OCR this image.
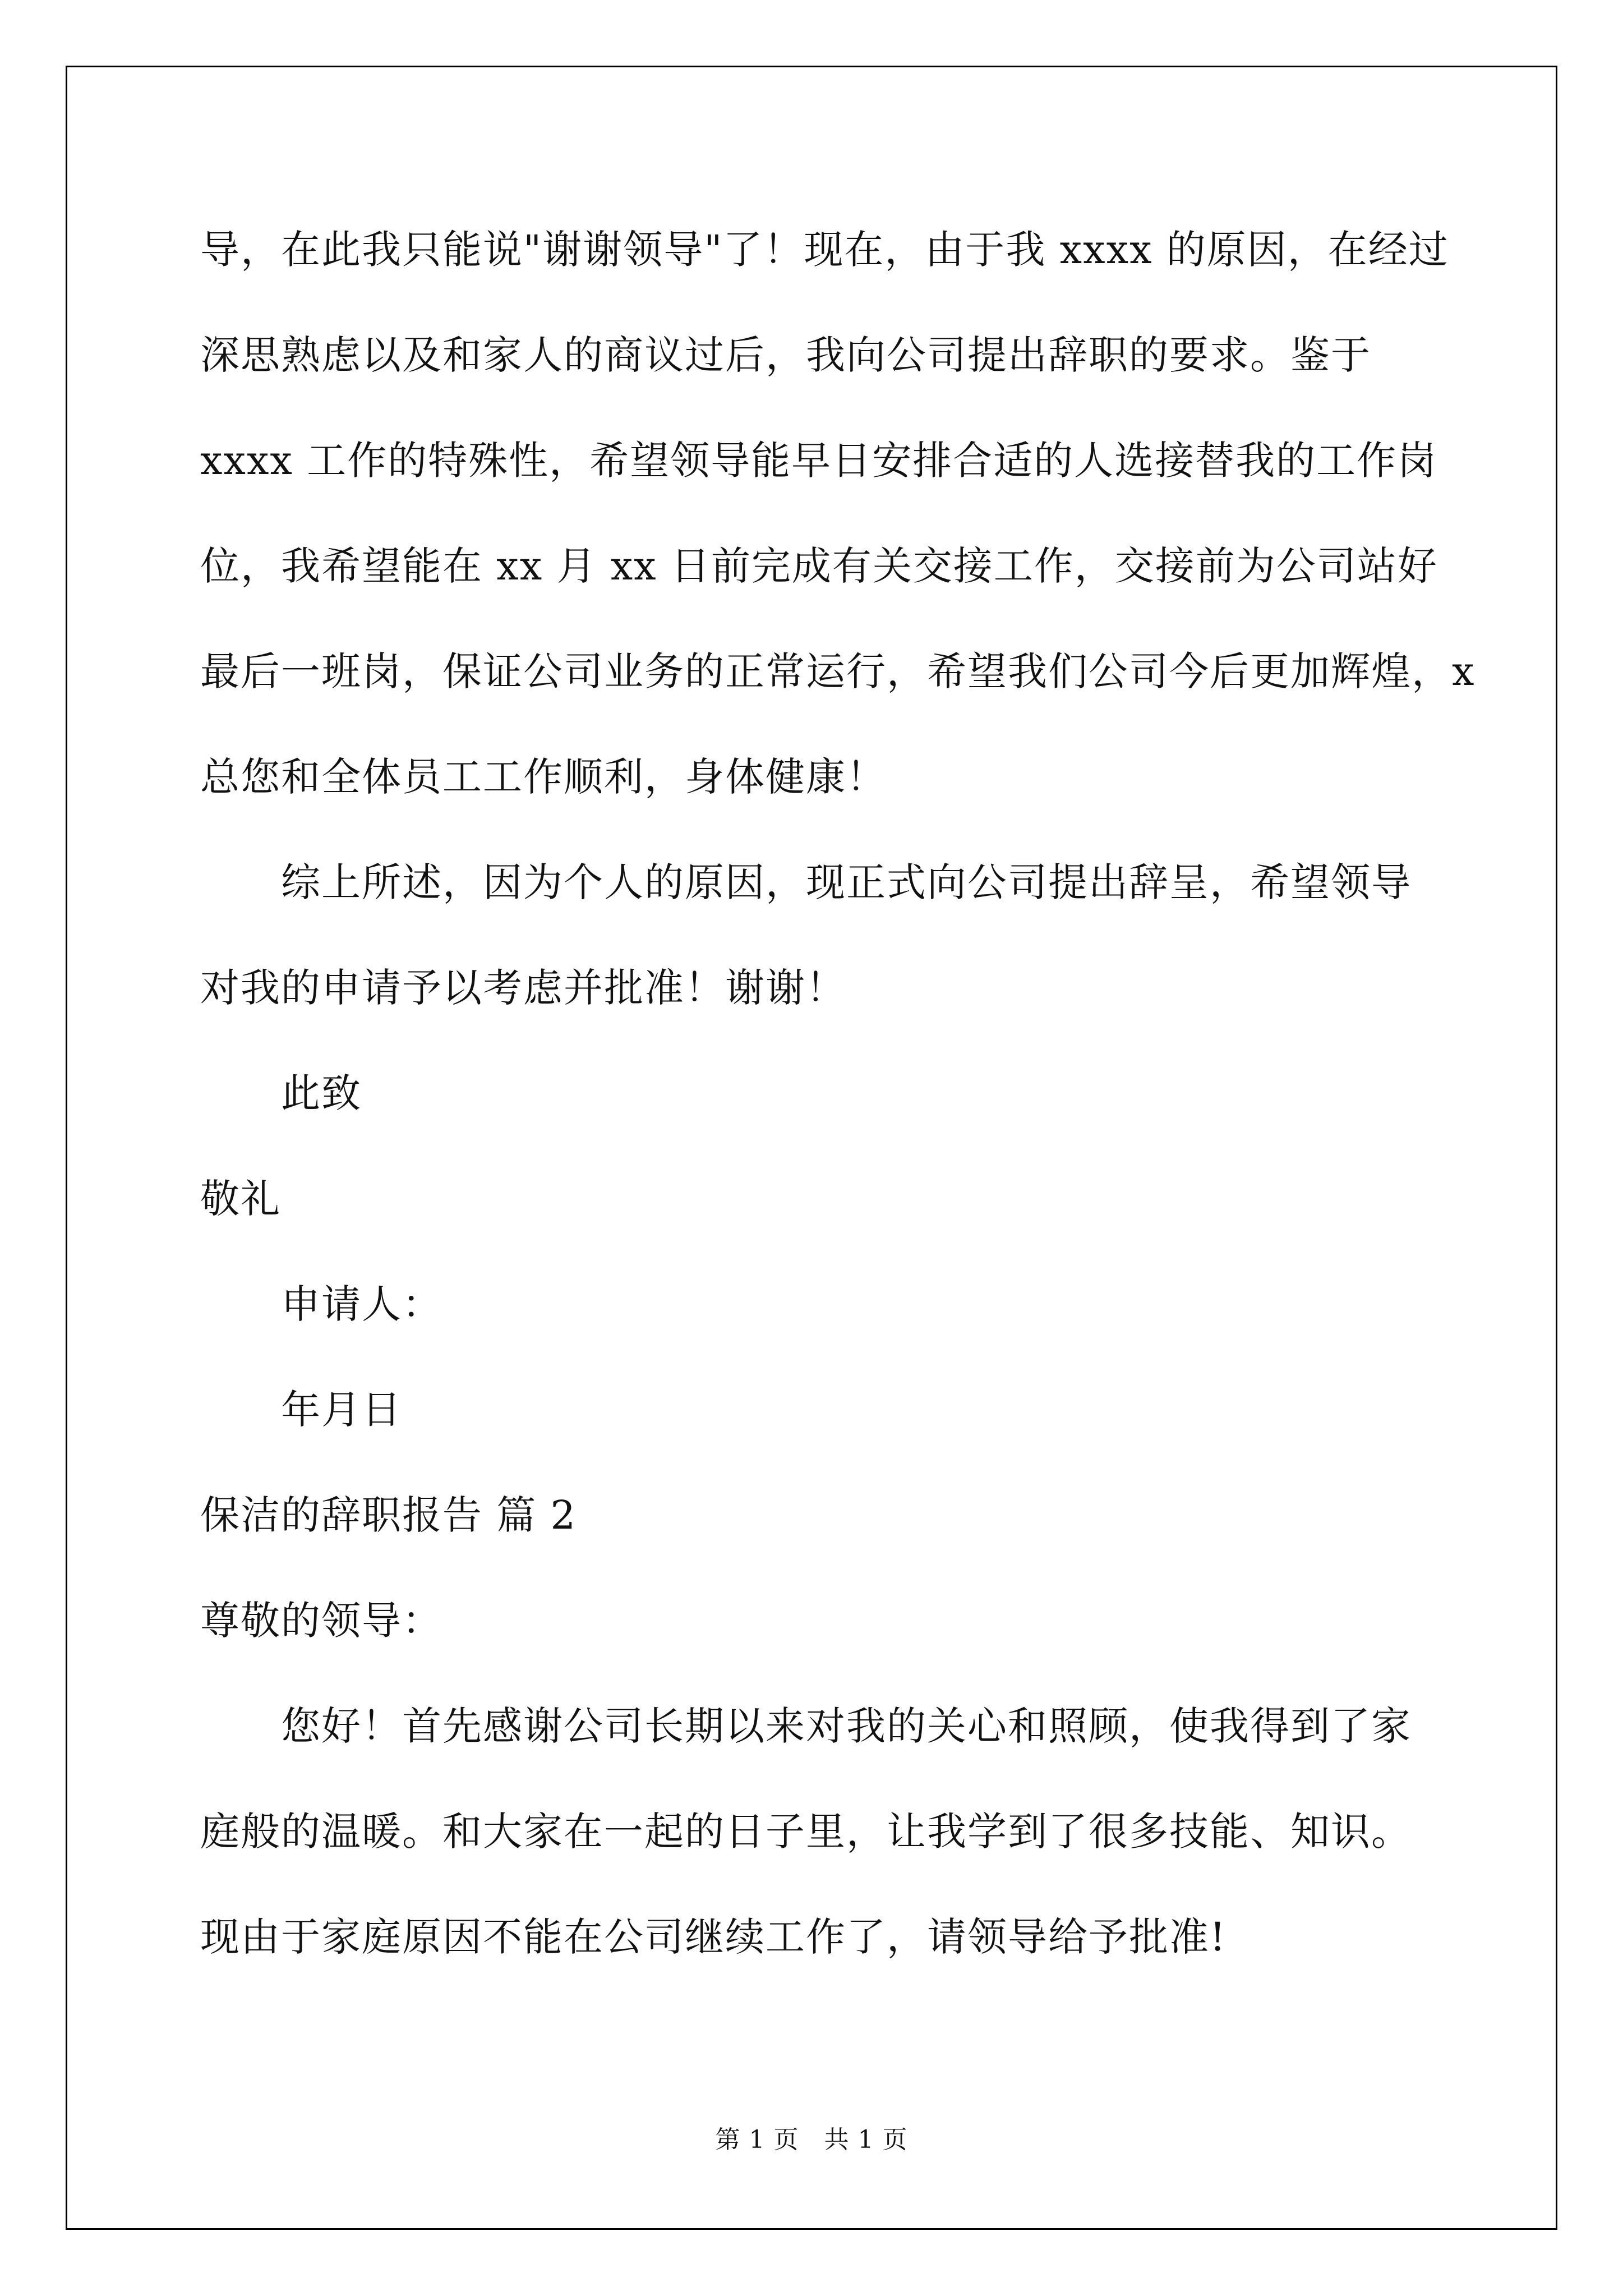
导，在此我只能说"谢谢领导"了！现在，由于我 xxxx 的原因，在经过
深思熟虑以及和家人的商议过后，我向公司提出辞职的要求。鉴于
xxxx 工作的特殊性，希望领导能早日安排合适的人选接替我的工作岗
位，我希望能在 xx 月 xx 日前完成有关交接工作，交接前为公司站好
最后一班岗，保证公司业务的正常运行，希望我们公司今后更加辉煌，x
总您和全体员工工作顺利，身体健康！
综上所述，因为个人的原因，现正式向公司提出辞呈，希望领导
对我的申请予以考虑并批准！谢谢！
此致
敬礼
申请人：
年月日
保洁的辞职报告 篇 2
尊敬的领导：
您好！首先感谢公司长期以来对我的关心和照顾，使我得到了家
庭般的温暖。和大家在一起的日子里，让我学到了很多技能、知识。
现由于家庭原因不能在公司继续工作了，请领导给予批准!
第 1 页　共 1 页
